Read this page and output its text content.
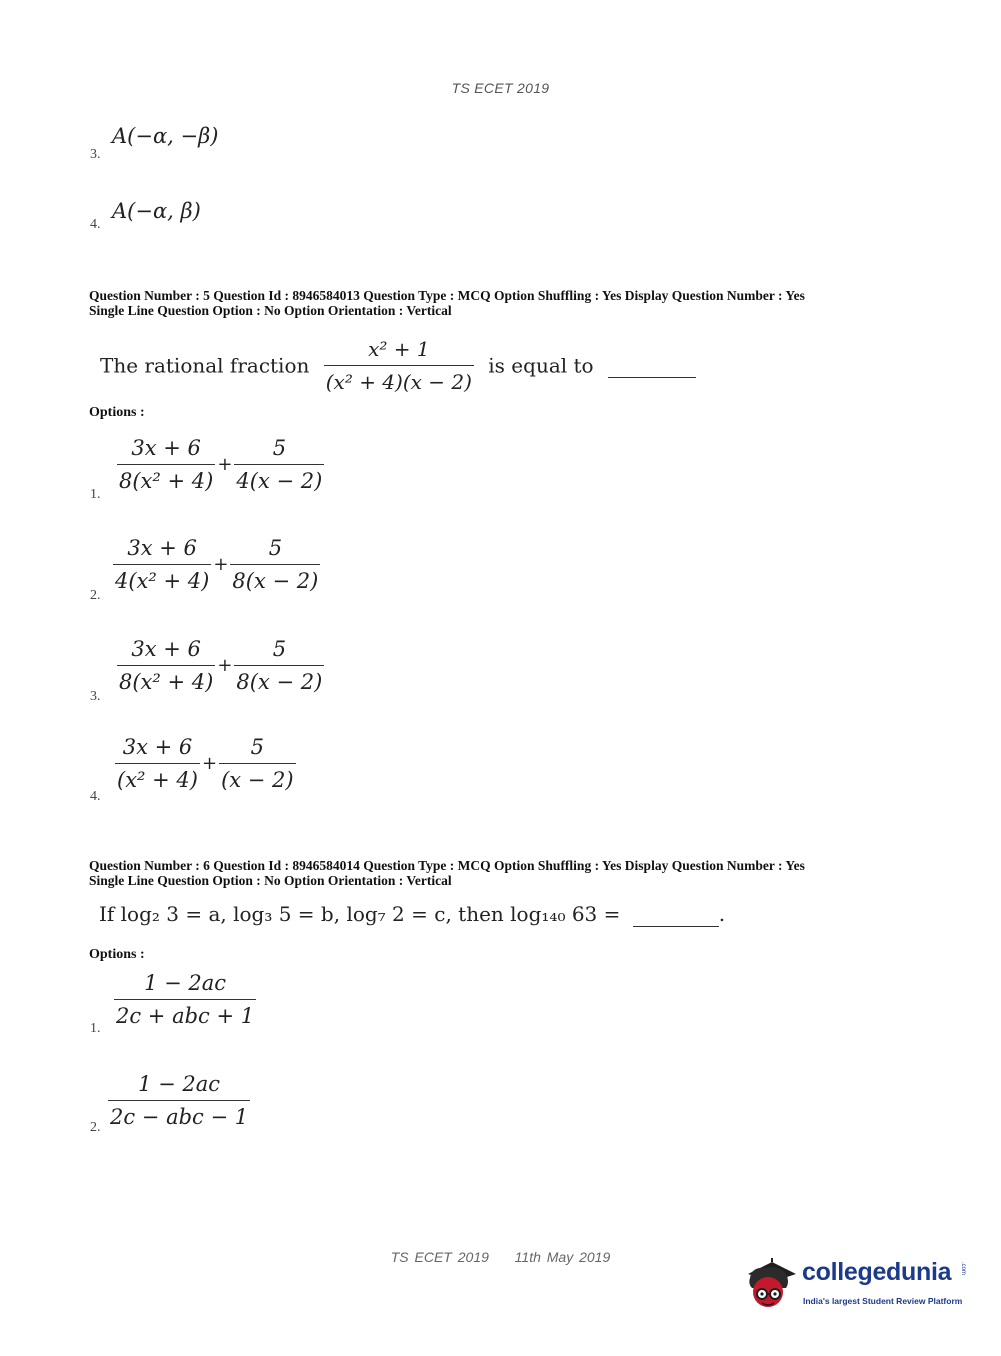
TS ECET 2019
3.
A(−α, −β)
4.
A(−α, β)
Question Number : 5 Question Id : 8946584013 Question Type : MCQ Option Shuffling : Yes Display Question Number : Yes
Single Line Question Option : No Option Orientation : Vertical
The rational fraction $\frac{\text{x² + 1}}{\text{(x² + 4)(x − 2)}}$ is equal to
Options :
1.
$\frac{3x + 6}{\text{8(x² + 4)}} + \frac{5}{4(x - 2)}$
2.
$\frac{3x + 6}{\text{4(x² + 4)}} + \frac{5}{8(x - 2)}$
3.
$\frac{3x + 6}{\text{8(x² + 4)}} + \frac{5}{8(x - 2)}$
4.
$\frac{3x + 6}{\text{(x² + 4)}} + \frac{5}{(x - 2)}$
Question Number : 6 Question Id : 8946584014 Question Type : MCQ Option Shuffling : Yes Display Question Number : Yes
Single Line Question Option : No Option Orientation : Vertical
If log₂ 3 = a, log₃ 5 = b, log₇ 2 = c, then log₁₄₀ 63 =	.
Options :
1.
$\frac{1 - 2ac}{\text{2c + abc + 1}}$
2. $\frac{1 - 2ac}{\text{2c − abc − 1}}$
TS ECET 2019 11th May 2019
collegedunia .com
India's largest Student Review Platform
